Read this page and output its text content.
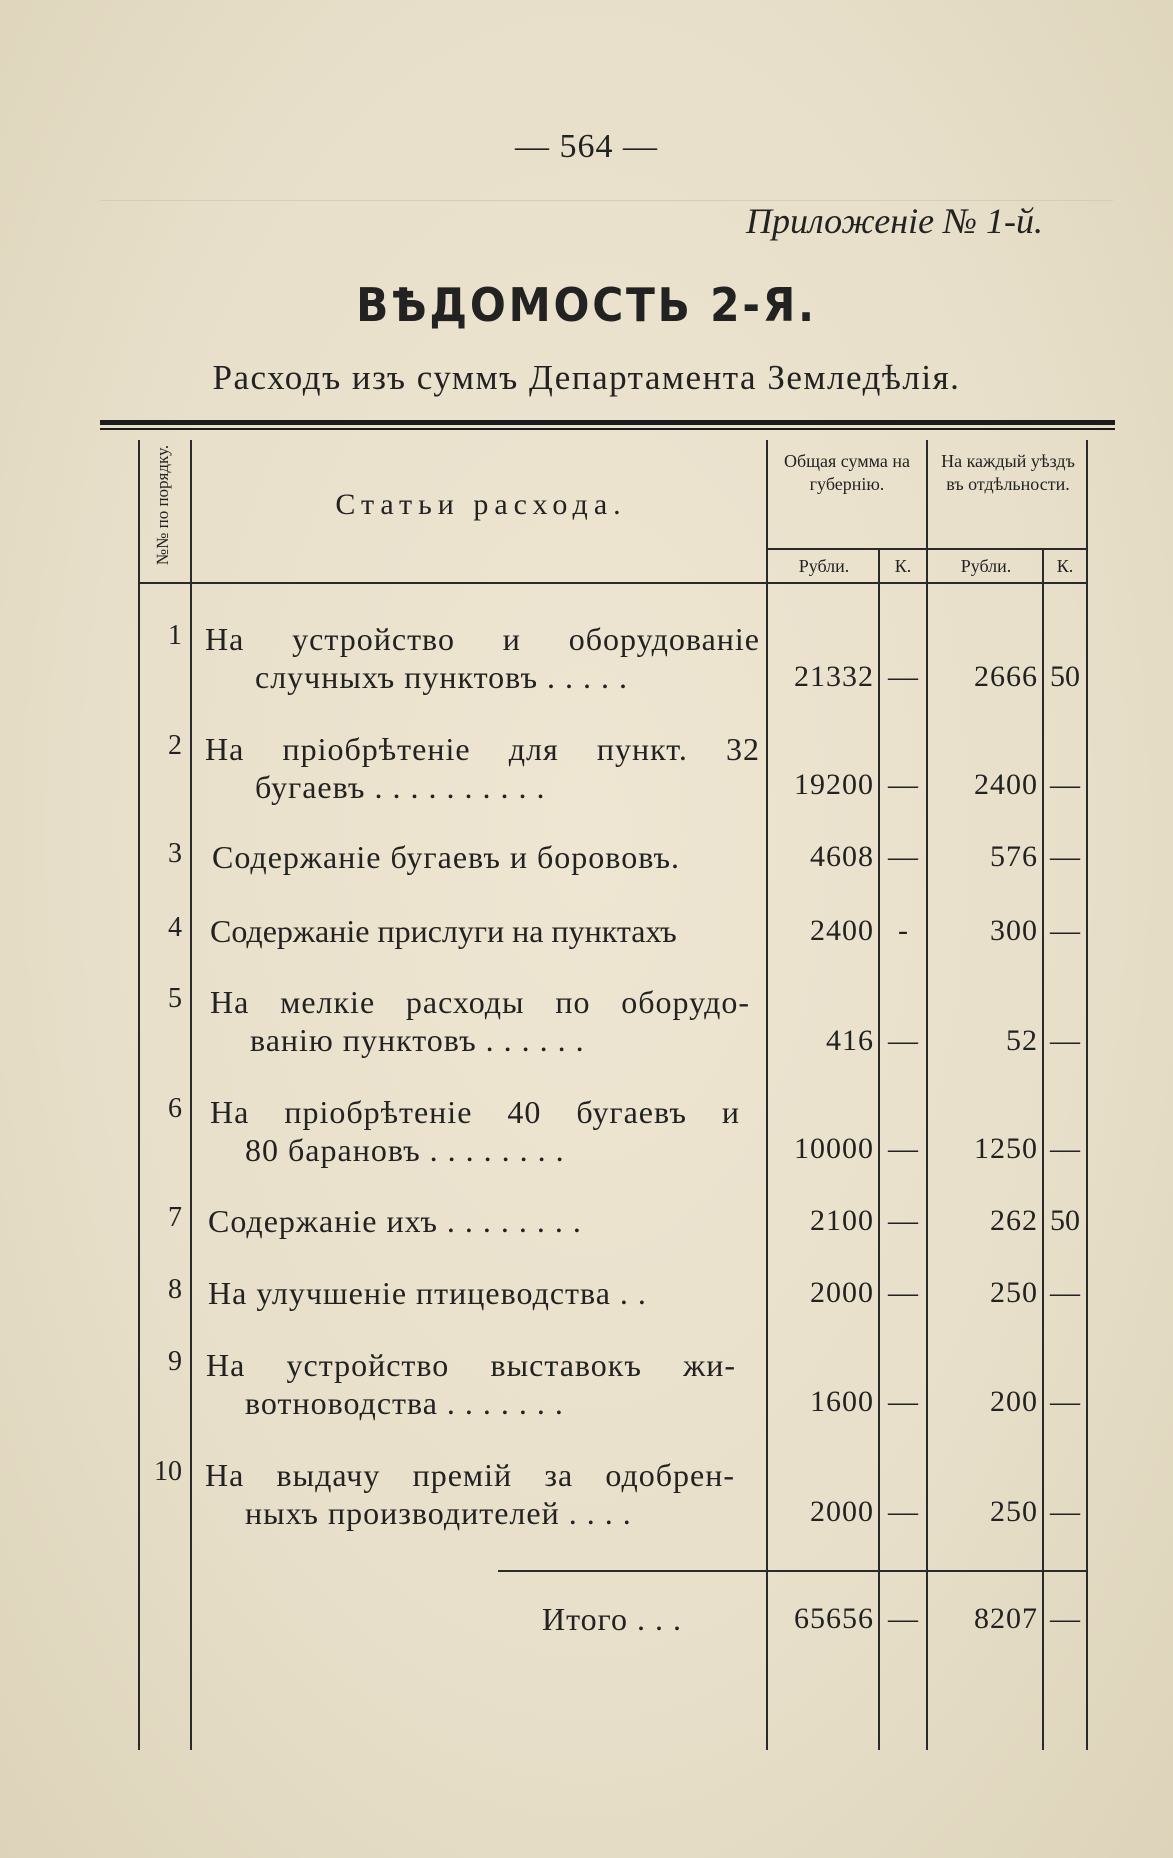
— 564 —
Приложеніе № 1-й.
ВѢДОМОСТЬ 2-Я.
Расходъ изъ суммъ Департамента Земледѣлія.
№№ по порядку.	Статьи расхода.
Общая сумма на губернію.
На каждый уѣздъ въ отдѣльности.
Рубли.	К.	Рубли.	К.
1 На устройство и оборудованіе
случныхъ пунктовъ . . . . .	21332 —	2666 50
2 На пріобрѣтеніе для пункт. 32
бугаевъ . . . . . . . . . .	19200 —	2400 —
3 Содержаніе бугаевъ и борововъ.	4608 —	576 —
4 Содержаніе прислуги на пунктахъ	2400 -	300 —
5 На мелкіе расходы по оборудо-
ванію пунктовъ . . . . . .	416 —	52 —
6 На пріобрѣтеніе 40 бугаевъ и
80 барановъ . . . . . . . .	10000 —	1250 —
7 Содержаніе ихъ . . . . . . . .	2100 —	262 50
8 На улучшеніе птицеводства . .	2000 —	250 —
9 На устройство выставокъ жи-
вотноводства . . . . . . .	1600 —	200 —
10 На выдачу премій за одобрен-
ныхъ производителей . . . .	2000 —	250 —
Итого . . .	65656 —	8207 —
